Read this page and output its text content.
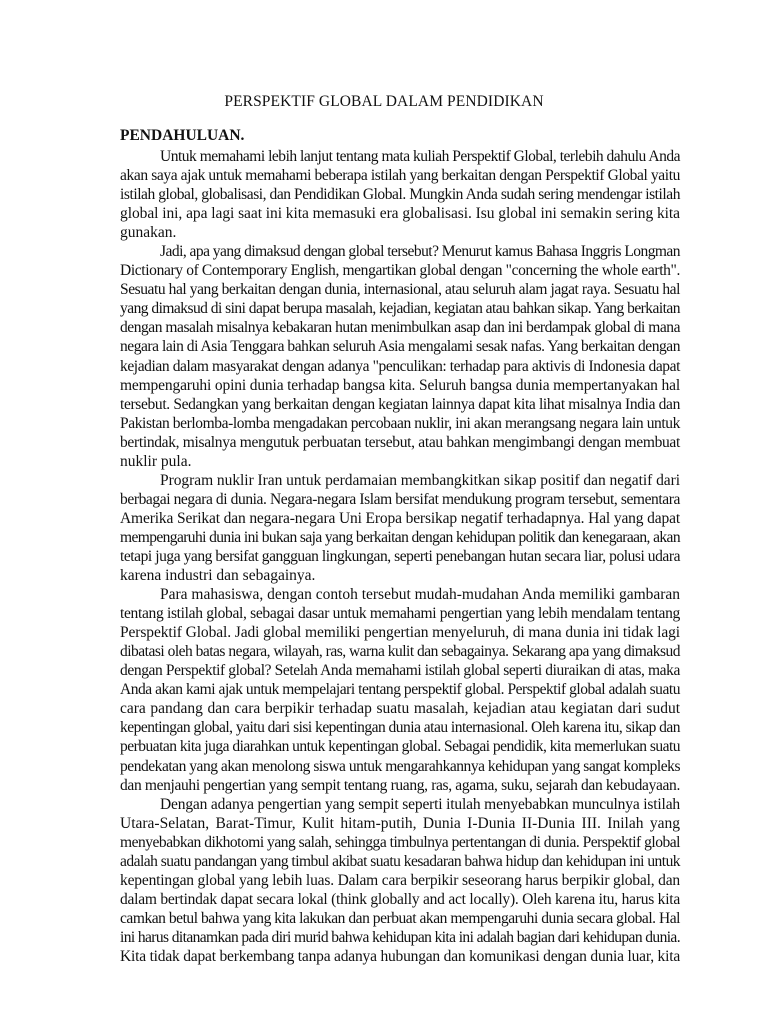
PERSPEKTIF GLOBAL DALAM PENDIDIKAN
PENDAHULUAN.
Untuk memahami lebih lanjut tentang mata kuliah Perspektif Global, terlebih dahulu Anda
akan saya ajak untuk memahami beberapa istilah yang berkaitan dengan Perspektif Global yaitu
istilah global, globalisasi, dan Pendidikan Global. Mungkin Anda sudah sering mendengar istilah
global ini, apa lagi saat ini kita memasuki era globalisasi. Isu global ini semakin sering kita
gunakan.
Jadi, apa yang dimaksud dengan global tersebut? Menurut kamus Bahasa Inggris Longman
Dictionary of Contemporary English, mengartikan global dengan "concerning the whole earth".
Sesuatu hal yang berkaitan dengan dunia, internasional, atau seluruh alam jagat raya. Sesuatu hal
yang dimaksud di sini dapat berupa masalah, kejadian, kegiatan atau bahkan sikap. Yang berkaitan
dengan masalah misalnya kebakaran hutan menimbulkan asap dan ini berdampak global di mana
negara lain di Asia Tenggara bahkan seluruh Asia mengalami sesak nafas. Yang berkaitan dengan
kejadian dalam masyarakat dengan adanya "penculikan: terhadap para aktivis di Indonesia dapat
mempengaruhi opini dunia terhadap bangsa kita. Seluruh bangsa dunia mempertanyakan hal
tersebut. Sedangkan yang berkaitan dengan kegiatan lainnya dapat kita lihat misalnya India dan
Pakistan berlomba-lomba mengadakan percobaan nuklir, ini akan merangsang negara lain untuk
bertindak, misalnya mengutuk perbuatan tersebut, atau bahkan mengimbangi dengan membuat
nuklir pula.
Program nuklir Iran untuk perdamaian membangkitkan sikap positif dan negatif dari
berbagai negara di dunia. Negara-negara Islam bersifat mendukung program tersebut, sementara
Amerika Serikat dan negara-negara Uni Eropa bersikap negatif terhadapnya. Hal yang dapat
mempengaruhi dunia ini bukan saja yang berkaitan dengan kehidupan politik dan kenegaraan, akan
tetapi juga yang bersifat gangguan lingkungan, seperti penebangan hutan secara liar, polusi udara
karena industri dan sebagainya.
Para mahasiswa, dengan contoh tersebut mudah-mudahan Anda memiliki gambaran
tentang istilah global, sebagai dasar untuk memahami pengertian yang lebih mendalam tentang
Perspektif Global. Jadi global memiliki pengertian menyeluruh, di mana dunia ini tidak lagi
dibatasi oleh batas negara, wilayah, ras, warna kulit dan sebagainya. Sekarang apa yang dimaksud
dengan Perspektif global? Setelah Anda memahami istilah global seperti diuraikan di atas, maka
Anda akan kami ajak untuk mempelajari tentang perspektif global. Perspektif global adalah suatu
cara pandang dan cara berpikir terhadap suatu masalah, kejadian atau kegiatan dari sudut
kepentingan global, yaitu dari sisi kepentingan dunia atau internasional. Oleh karena itu, sikap dan
perbuatan kita juga diarahkan untuk kepentingan global. Sebagai pendidik, kita memerlukan suatu
pendekatan yang akan menolong siswa untuk mengarahkannya kehidupan yang sangat kompleks
dan menjauhi pengertian yang sempit tentang ruang, ras, agama, suku, sejarah dan kebudayaan.
Dengan adanya pengertian yang sempit seperti itulah menyebabkan munculnya istilah
Utara-Selatan, Barat-Timur, Kulit hitam-putih, Dunia I-Dunia II-Dunia III. Inilah yang
menyebabkan dikhotomi yang salah, sehingga timbulnya pertentangan di dunia. Perspektif global
adalah suatu pandangan yang timbul akibat suatu kesadaran bahwa hidup dan kehidupan ini untuk
kepentingan global yang lebih luas. Dalam cara berpikir seseorang harus berpikir global, dan
dalam bertindak dapat secara lokal (think globally and act locally). Oleh karena itu, harus kita
camkan betul bahwa yang kita lakukan dan perbuat akan mempengaruhi dunia secara global. Hal
ini harus ditanamkan pada diri murid bahwa kehidupan kita ini adalah bagian dari kehidupan dunia.
Kita tidak dapat berkembang tanpa adanya hubungan dan komunikasi dengan dunia luar, kita
